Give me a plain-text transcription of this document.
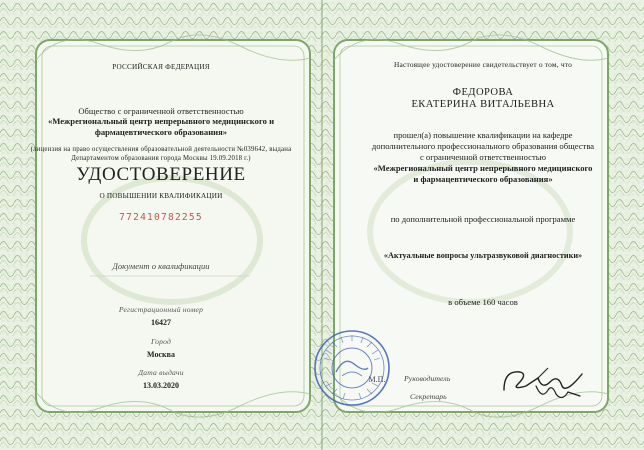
РОССИЙСКАЯ ФЕДЕРАЦИЯ
Общество с ограниченной ответственностью
«Межрегиональный центр непрерывного медицинского и
фармацевтического образования»
(лицензия на право осуществления образовательной деятельности №039642, выдана
Департаментом образования города Москвы 19.09.2018 г.)
УДОСТОВЕРЕНИЕ
О ПОВЫШЕНИИ КВАЛИФИКАЦИИ
772410782255
Документ о квалификации
Регистрационный номер
16427
Город
Москва
Дата выдачи
13.03.2020
Настоящее удостоверение свидетельствует о том, что
ФЕДОРОВА
ЕКАТЕРИНА ВИТАЛЬЕВНА
прошел(а) повышение квалификации на кафедре
дополнительного профессионального образования общества
с ограниченной ответственностью
«Межрегиональный центр непрерывного медицинского
и фармацевтического образования»
по дополнительной профессиональной программе
«Актуальные вопросы ультразвуковой диагностики»
в объеме 160 часов
М.П. Руководитель
Секретарь
